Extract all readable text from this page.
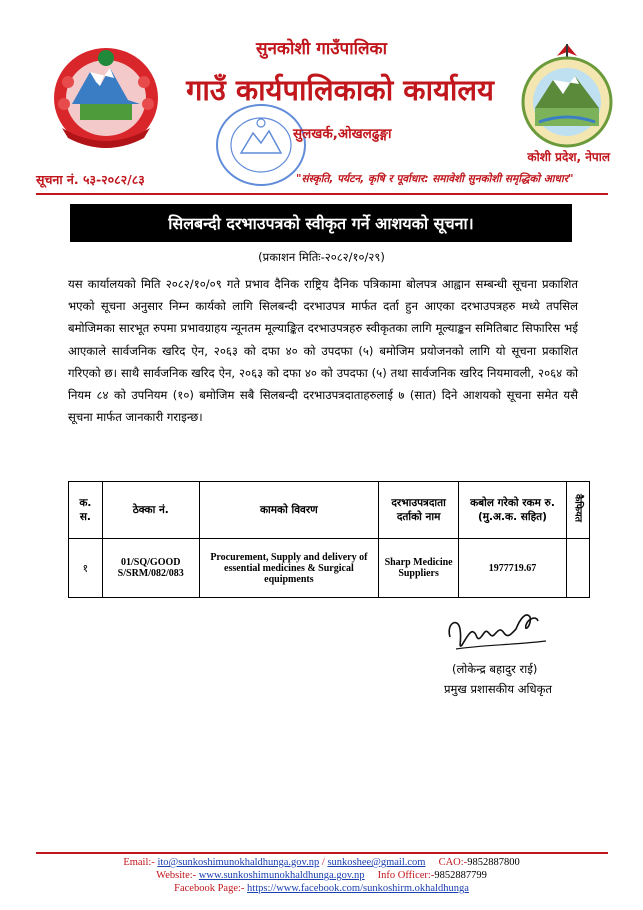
सुनकोशी गाउँपालिका
गाउँ कार्यपालिकाको कार्यालय
सुलखर्क,ओखलढुङ्गा
कोशी प्रदेश, नेपाल
सूचना नं. ५३-२०८२/८३	"संस्कृति, पर्यटन, कृषि र पूर्वाधार: समावेशी सुनकोशी समृद्धिको आधार"
सिलबन्दी दरभाउपत्रको स्वीकृत गर्ने आशयको सूचना।
(प्रकाशन मितिः-२०८२/१०/२९)
यस कार्यालयको मिति २०८२/१०/०९ गते प्रभाव दैनिक राष्ट्रिय दैनिक पत्रिकामा बोलपत्र आह्वान सम्बन्धी सूचना प्रकाशित भएको सूचना अनुसार निम्न कार्यको लागि सिलबन्दी दरभाउपत्र मार्फत दर्ता हुन आएका दरभाउपत्रहरु मध्ये तपसिल बमोजिमका सारभूत रुपमा प्रभावग्राहय न्यूनतम मूल्याङ्कित दरभाउपत्रहरु स्वीकृतका लागि मूल्याङ्कन समितिबाट सिफारिस भई आएकाले सार्वजनिक खरिद ऐन, २०६३ को दफा ४० को उपदफा (५) बमोजिम प्रयोजनको लागि यो सूचना प्रकाशित गरिएको छ। साथै सार्वजनिक खरिद ऐन, २०६३ को दफा ४० को उपदफा (५) तथा सार्वजनिक खरिद नियमावली, २०६४ को नियम ८४ को उपनियम (१०) बमोजिम सबै सिलबन्दी दरभाउपत्रदाताहरुलाई ७ (सात) दिने आशयको सूचना समेत यसै सूचना मार्फत जानकारी गराइन्छ।
क. स.	ठेक्का नं.	कामको विवरण	दरभाउपत्रदाता दर्ताको नाम	कबोल गरेको रकम रु. (मु.अ.क. सहित)	कैफियत
१	01/SQ/GOOD S/SRM/082/083	Procurement, Supply and delivery of essential medicines & Surgical equipments	Sharp Medicine Suppliers	1977719.67	
(लोकेन्द्र बहादुर राई)
प्रमुख प्रशासकीय अधिकृत
Email:- ito@sunkoshimunokhaldhunga.gov.np / sunkoshee@gmail.com CAO:-9852887800
Website:- www.sunkoshimunokhaldhunga.gov.np Info Officer:-9852887799
Facebook Page:- https://www.facebook.com/sunkoshirm.okhaldhunga
